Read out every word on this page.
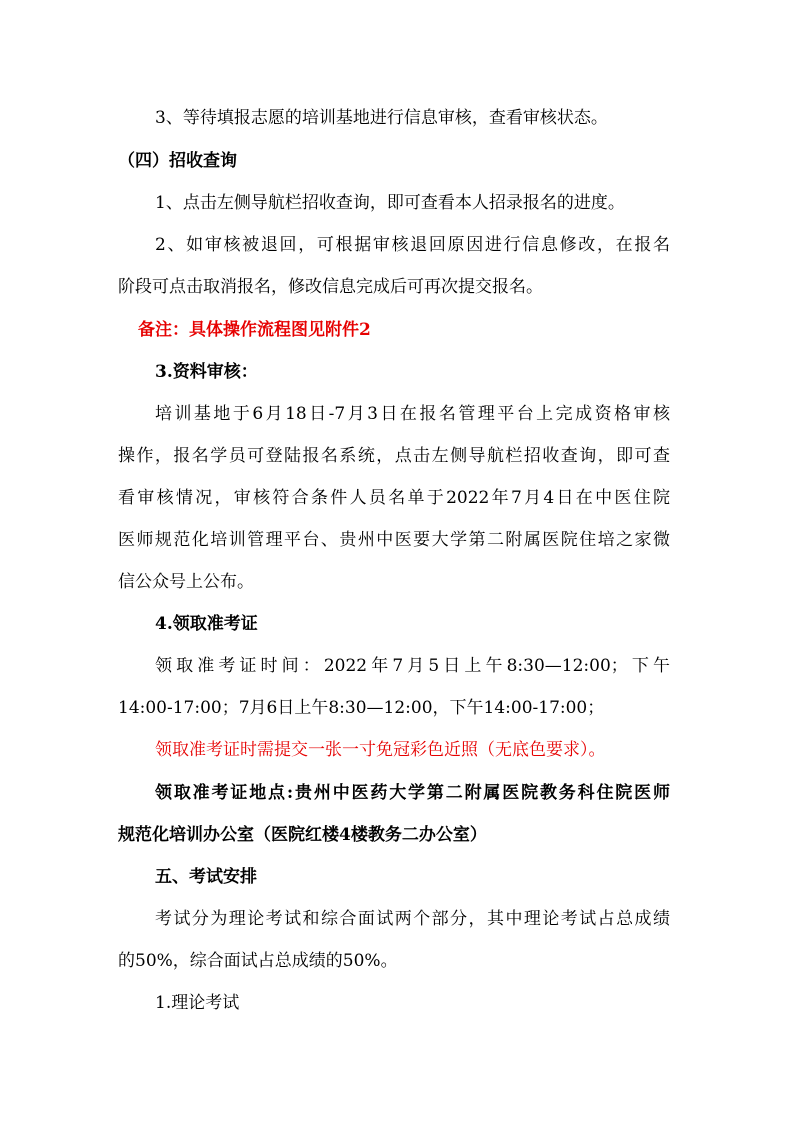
3、等待填报志愿的培训基地进行信息审核，查看审核状态。
（四）招收查询
1、点击左侧导航栏招收查询，即可查看本人招录报名的进度。
2、如审核被退回，可根据审核退回原因进行信息修改，在报名
阶段可点击取消报名，修改信息完成后可再次提交报名。
备注：具体操作流程图见附件2
3.资料审核：
培训基地于6月18日-7月3日在报名管理平台上完成资格审核
操作，报名学员可登陆报名系统，点击左侧导航栏招收查询，即可查
看审核情况，审核符合条件人员名单于2022年7月4日在中医住院
医师规范化培训管理平台、贵州中医要大学第二附属医院住培之家微
信公众号上公布。
4.领取准考证
领取准考证时间：2022年7月5日上午8:30—12:00；下午
14:00-17:00；7月6日上午8:30—12:00，下午14:00-17:00；
领取准考证时需提交一张一寸免冠彩色近照（无底色要求）。
领取准考证地点:贵州中医药大学第二附属医院教务科住院医师
规范化培训办公室（医院红楼4楼教务二办公室）
五、考试安排
考试分为理论考试和综合面试两个部分，其中理论考试占总成绩
的50%，综合面试占总成绩的50%。
1.理论考试
